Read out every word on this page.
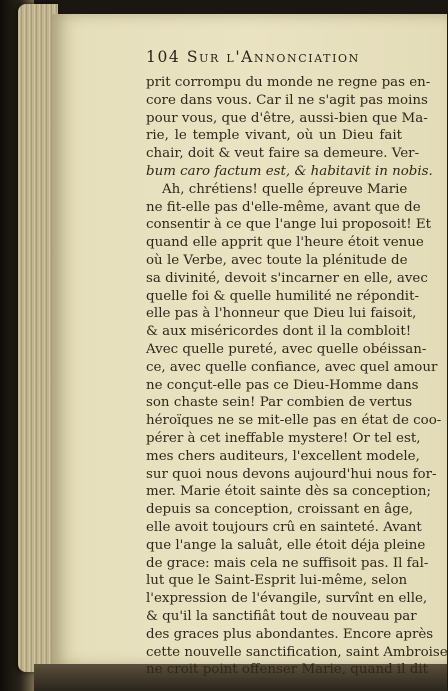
104 Sur l'Annonciation
prit corrompu du monde ne regne pas en-
core dans vous. Car il ne s'agit pas moins
pour vous, que d'être, aussi-bien que Ma-
rie, le temple vivant, où un Dieu fait
chair, doit & veut faire sa demeure. Ver-
bum caro factum est, & habitavit in nobis.
Ah, chrétiens! quelle épreuve Marie
ne fit-elle pas d'elle-même, avant que de
consentir à ce que l'ange lui proposoit! Et
quand elle apprit que l'heure étoit venue
où le Verbe, avec toute la plénitude de
sa divinité, devoit s'incarner en elle, avec
quelle foi & quelle humilité ne répondit-
elle pas à l'honneur que Dieu lui faisoit,
& aux miséricordes dont il la combloit!
Avec quelle pureté, avec quelle obéissan-
ce, avec quelle confiance, avec quel amour
ne conçut-elle pas ce Dieu-Homme dans
son chaste sein! Par combien de vertus
héroïques ne se mit-elle pas en état de coo-
pérer à cet ineffable mystere! Or tel est,
mes chers auditeurs, l'excellent modele,
sur quoi nous devons aujourd'hui nous for-
mer. Marie étoit sainte dès sa conception;
depuis sa conception, croissant en âge,
elle avoit toujours crû en sainteté. Avant
que l'ange la saluât, elle étoit déja pleine
de grace: mais cela ne suffisoit pas. Il fal-
lut que le Saint-Esprit lui-même, selon
l'expression de l'évangile, survînt en elle,
& qu'il la sanctifiât tout de nouveau par
des graces plus abondantes. Encore après
cette nouvelle sanctification, saint Ambroise
ne croit point offenser Marie, quand il dit
